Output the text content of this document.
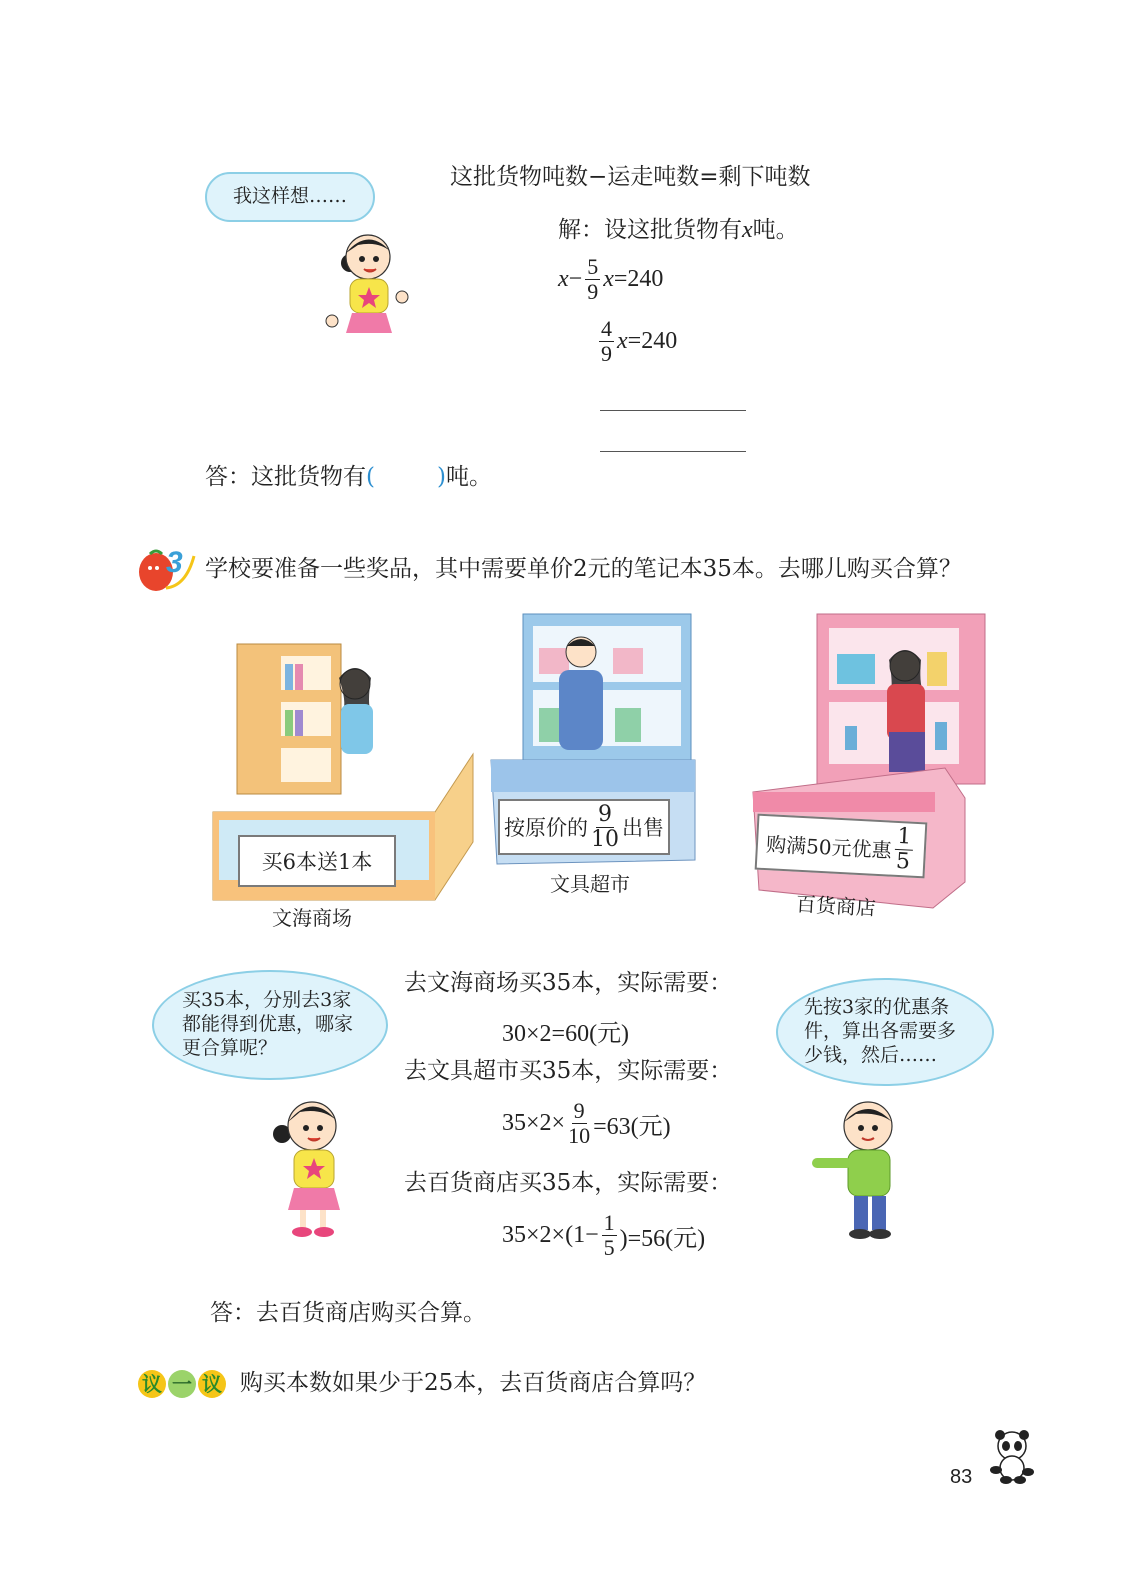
我这样想……
这批货物吨数−运走吨数=剩下吨数
解：设这批货物有x吨。
$x - \frac{5}{9}$ x =240
$\frac{4}{9}$ x =240
答：这批货物有(	)吨。
3 学校要准备一些奖品，其中需要单价2元的笔记本35本。去哪儿购买合算？
买6本送1本
按原价的 $\frac{9}{10}$ 出售
购满50元优惠 $\frac{1}{5}$
文海商场
文具超市
百货商店
买35本，分别去3家都能得到优惠，哪家更合算呢？
先按3家的优惠条件，算出各需要多少钱，然后……
去文海商场买35本，实际需要：
30×2=60(元)
去文具超市买35本，实际需要：
$35\times 2\times \frac{9}{10} =63$(元)
去百货商店买35本，实际需要：
$35\times 2\times(1- \frac{1}{5} )=56$(元)
答：去百货商店购买合算。
议 一 议 购买本数如果少于25本，去百货商店合算吗？
83
